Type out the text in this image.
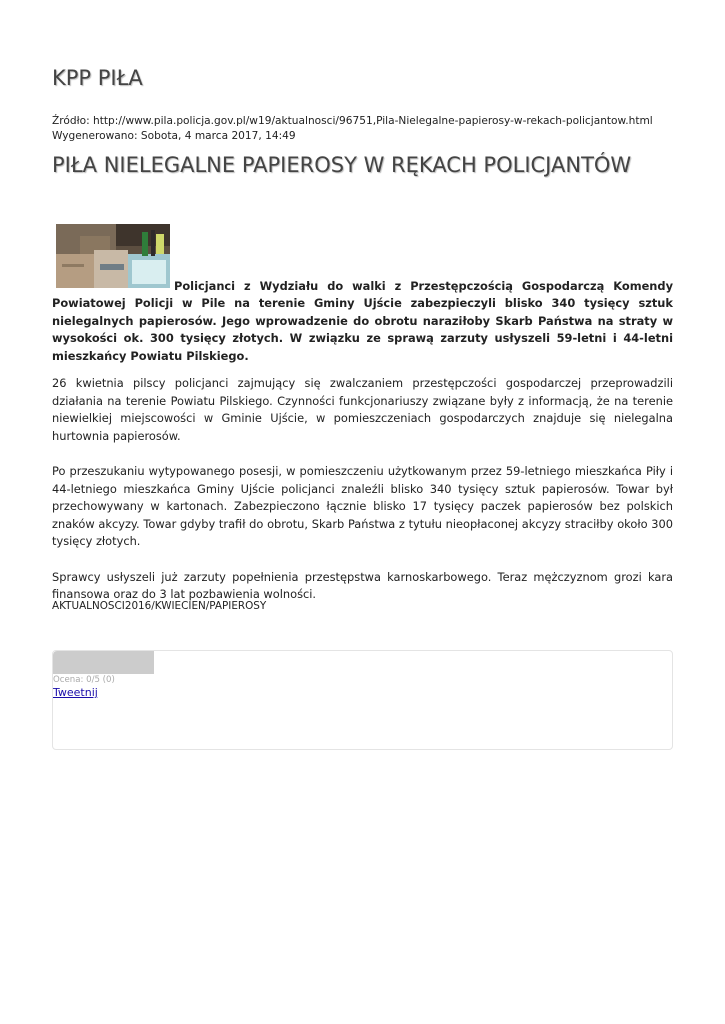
KPP PIŁA
Źródło: http://www.pila.policja.gov.pl/w19/aktualnosci/96751,Pila-Nielegalne-papierosy-w-rekach-policjantow.html
Wygenerowano: Sobota, 4 marca 2017, 14:49
PIŁA NIELEGALNE PAPIEROSY W RĘKACH POLICJANTÓW

Policjanci z Wydziału do walki z Przestępczością Gospodarczą Komendy Powiatowej Policji w Pile na terenie Gminy Ujście zabezpieczyli blisko 340 tysięcy sztuk nielegalnych papierosów. Jego wprowadzenie do obrotu naraziłoby Skarb Państwa na straty w wysokości ok. 300 tysięcy złotych. W związku ze sprawą zarzuty usłyszeli 59-letni i 44-letni mieszkańcy Powiatu Pilskiego.

26 kwietnia pilscy policjanci zajmujący się zwalczaniem przestępczości gospodarczej przeprowadzili działania na terenie Powiatu Pilskiego. Czynności funkcjonariuszy związane były z informacją, że na terenie niewielkiej miejscowości w Gminie Ujście, w pomieszczeniach gospodarczych znajduje się nielegalna hurtownia papierosów.

Po przeszukaniu wytypowanego posesji, w pomieszczeniu użytkowanym przez 59-letniego mieszkańca Piły i 44-letniego mieszkańca Gminy Ujście policjanci znaleźli blisko 340 tysięcy sztuk papierosów. Towar był przechowywany w kartonach. Zabezpieczono łącznie blisko 17 tysięcy paczek papierosów bez polskich znaków akcyzy. Towar gdyby trafił do obrotu, Skarb Państwa z tytułu nieopłaconej akcyzy straciłby około 300 tysięcy złotych.

Sprawcy usłyszeli już zarzuty popełnienia przestępstwa karnoskarbowego. Teraz mężczyznom grozi kara finansowa oraz do 3 lat pozbawienia wolności.

AKTUALNOSCI2016/KWIECIEN/PAPIEROSY
Ocena: 0/5 (0)
Tweetnij
